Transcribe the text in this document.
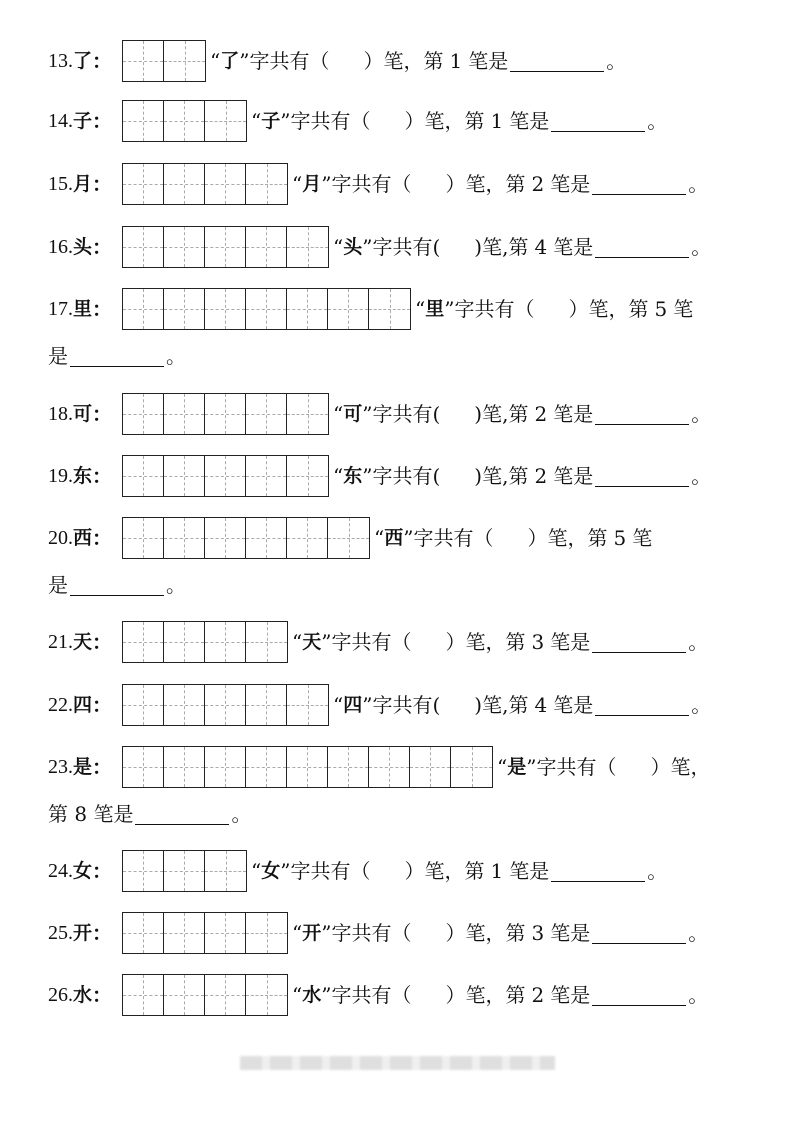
13. 了 ：	“ 了 ”字共有（ ）笔，第 1 笔是	。
14. 子 ：	“ 子 ”字共有（ ）笔，第 1 笔是	。
15. 月 ：	“ 月 ”字共有（ ）笔，第 2 笔是	。
16. 头 ：	“ 头 ”字共有( )笔,第 4 笔是	。
17. 里 ：	“ 里 ”字共有（ ）笔，第 5 笔
是	。
18. 可 ：	“ 可 ”字共有( )笔,第 2 笔是	。
19. 东 ：	“ 东 ”字共有( )笔,第 2 笔是	。
20. 西 ：	“ 西 ”字共有（ ）笔，第 5 笔
是	。
21. 天 ：	“ 天 ”字共有（ ）笔，第 3 笔是	。
22. 四 ：	“ 四 ”字共有( )笔,第 4 笔是	。
23. 是 ：	“ 是 ”字共有（ ）笔，
第 8 笔是	。
24. 女 ：	“ 女 ”字共有（ ）笔，第 1 笔是	。
25. 开 ：	“ 开 ”字共有（ ）笔，第 3 笔是	。
26. 水 ：	“ 水 ”字共有（ ）笔，第 2 笔是	。
